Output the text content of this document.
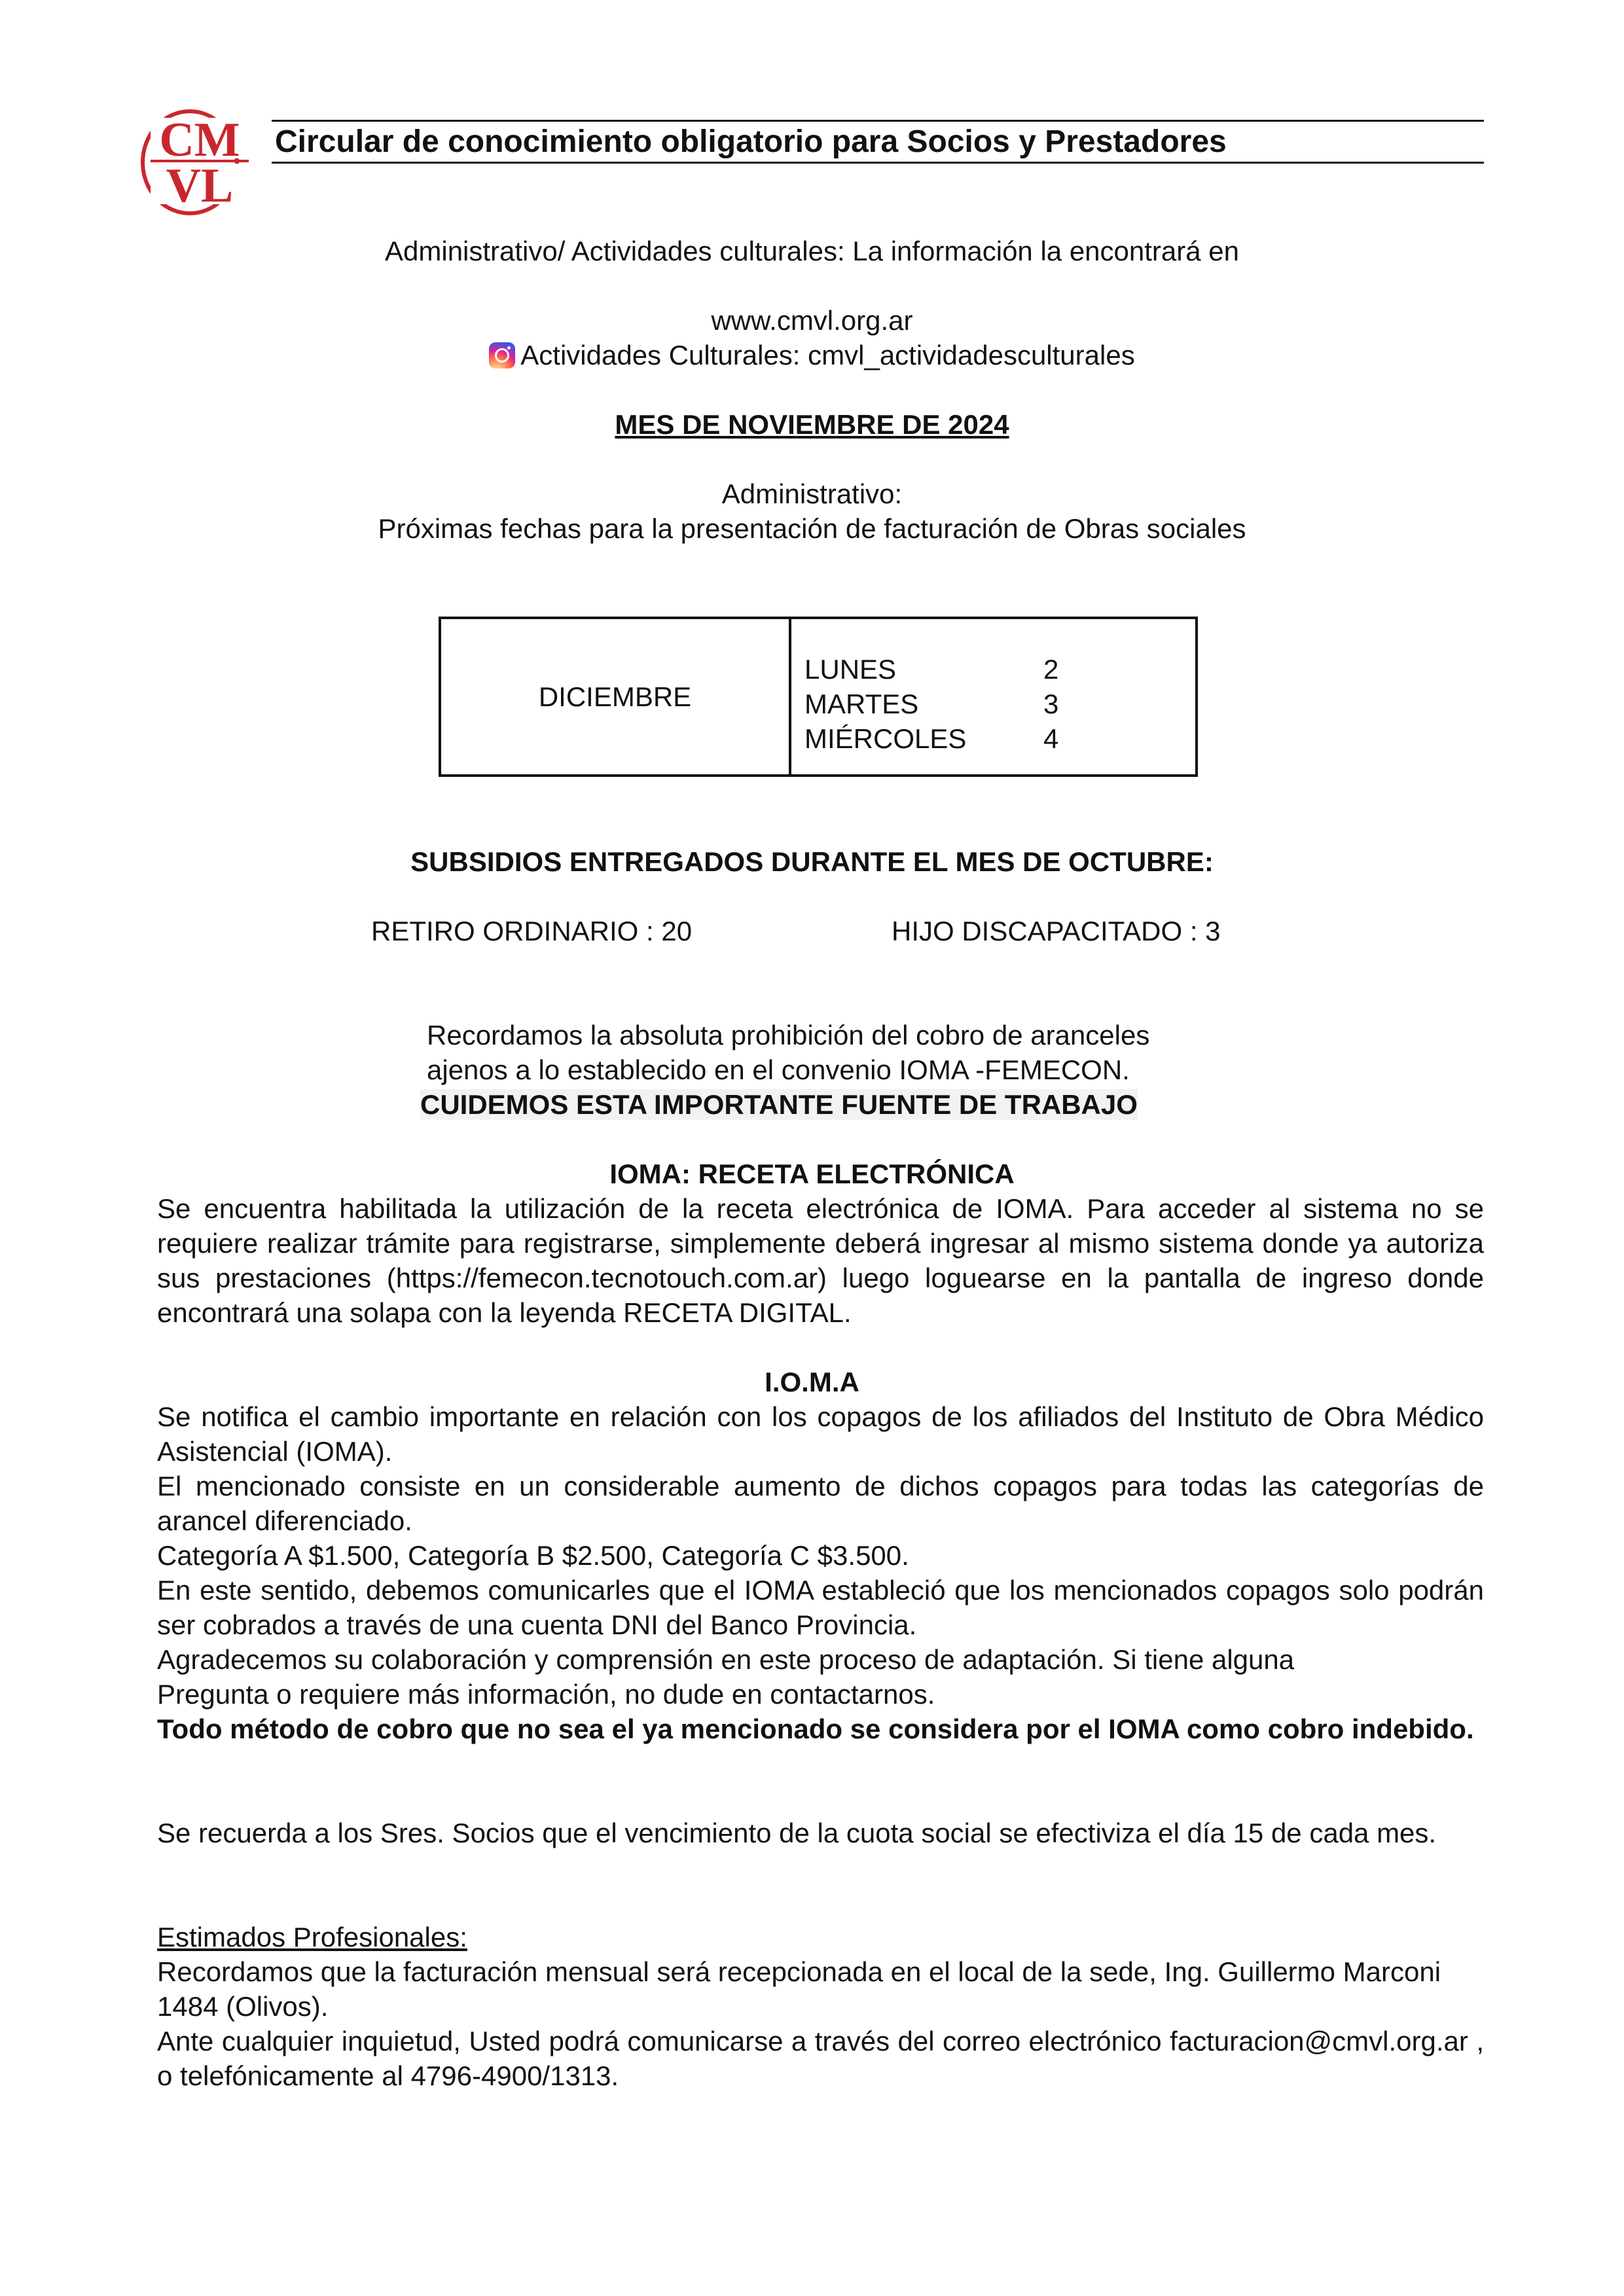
CM
VL
Circular de conocimiento obligatorio para Socios y Prestadores
Administrativo/ Actividades culturales: La información la encontrará en
www.cmvl.org.ar
Actividades Culturales: cmvl_actividadesculturales
MES DE NOVIEMBRE DE 2024
Administrativo:
Próximas fechas para la presentación de facturación de Obras sociales
DICIEMBRE
LUNES	2
MARTES	3
MIÉRCOLES	4
SUBSIDIOS ENTREGADOS DURANTE EL MES DE OCTUBRE:
RETIRO ORDINARIO : 20	HIJO DISCAPACITADO : 3
Recordamos la absoluta prohibición del cobro de aranceles
ajenos a lo establecido en el convenio IOMA -FEMECON.
CUIDEMOS ESTA IMPORTANTE FUENTE DE TRABAJO
IOMA: RECETA ELECTRÓNICA
Se encuentra habilitada la utilización de la receta electrónica de IOMA. Para acceder al sistema no se requiere realizar trámite para registrarse, simplemente deberá ingresar al mismo sistema donde ya autoriza sus prestaciones (https://femecon.tecnotouch.com.ar) luego loguearse en la pantalla de ingreso donde encontrará una solapa con la leyenda RECETA DIGITAL.
I.O.M.A
Se notifica el cambio importante en relación con los copagos de los afiliados del Instituto de Obra Médico Asistencial (IOMA).
El mencionado consiste en un considerable aumento de dichos copagos para todas las categorías de arancel diferenciado.
Categoría A $1.500, Categoría B $2.500, Categoría C $3.500.
En este sentido, debemos comunicarles que el IOMA estableció que los mencionados copagos solo podrán ser cobrados a través de una cuenta DNI del Banco Provincia.
Agradecemos su colaboración y comprensión en este proceso de adaptación. Si tiene alguna
Pregunta o requiere más información, no dude en contactarnos.
Todo método de cobro que no sea el ya mencionado se considera por el IOMA como cobro indebido.
Se recuerda a los Sres. Socios que el vencimiento de la cuota social se efectiviza el día 15 de cada mes.
Estimados Profesionales:
Recordamos que la facturación mensual será recepcionada en el local de la sede, Ing. Guillermo Marconi 1484 (Olivos).
Ante cualquier inquietud, Usted podrá comunicarse a través del correo electrónico facturacion@cmvl.org.ar , o telefónicamente al 4796-4900/1313.
